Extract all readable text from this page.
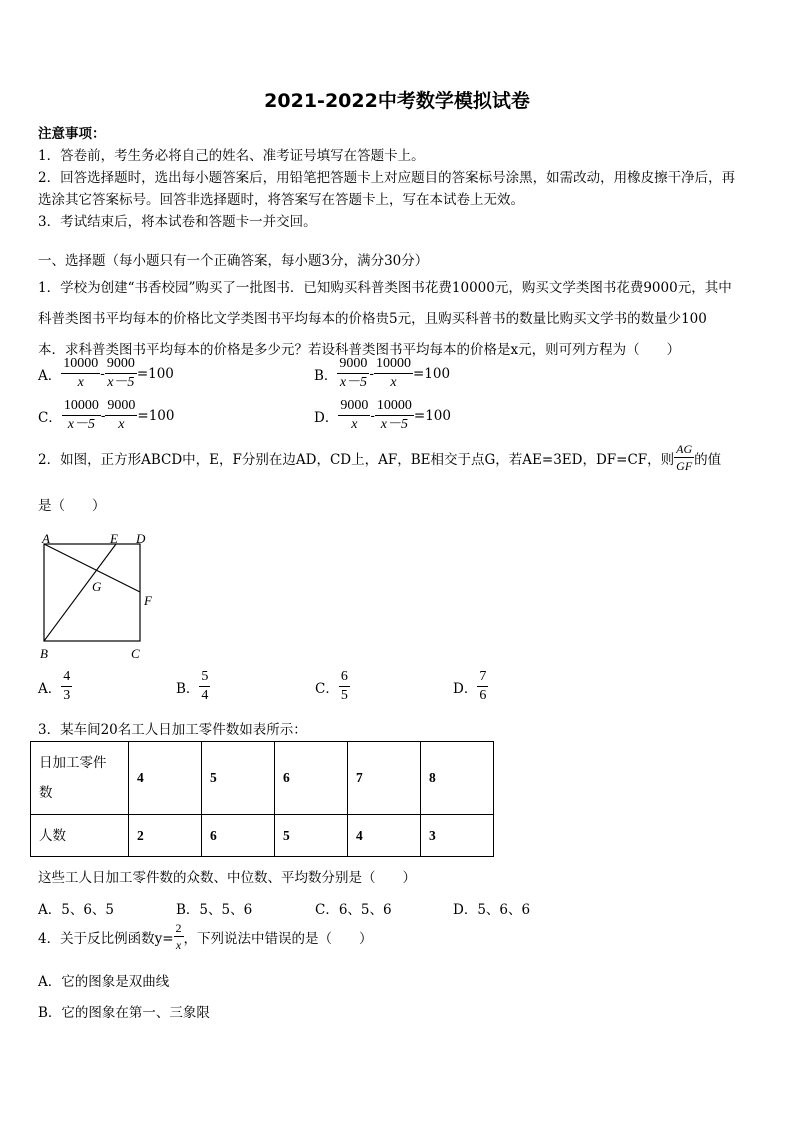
2021-2022中考数学模拟试卷
注意事项：
1．答卷前，考生务必将自己的姓名、准考证号填写在答题卡上。
2．回答选择题时，选出每小题答案后，用铅笔把答题卡上对应题目的答案标号涂黑，如需改动，用橡皮擦干净后，再
选涂其它答案标号。回答非选择题时，将答案写在答题卡上，写在本试卷上无效。
3．考试结束后，将本试卷和答题卡一并交回。
一、选择题（每小题只有一个正确答案，每小题3分，满分30分）
1．学校为创建“书香校园”购买了一批图书．已知购买科普类图书花费10000元，购买文学类图书花费9000元，其中
科普类图书平均每本的价格比文学类图书平均每本的价格贵5元，且购买科普书的数量比购买文学书的数量少100
本．求科普类图书平均每本的价格是多少元？若设科普类图书平均每本的价格是x元，则可列方程为（　　）
A． $\frac{10000}{x} - \frac{9000}{x-5} =100$	B． $\frac{9000}{x-5} - \frac{10000}{x} =100$
C． $\frac{10000}{x-5} - \frac{9000}{x} =100$	D． $\frac{9000}{x} - \frac{10000}{x-5} =100$
2．如图，正方形ABCD中，E，F分别在边AD，CD上，AF，BE相交于点G，若AE=3ED，DF=CF，则 $\frac{AG}{GF}$ 的值
是（　　）
A	E D
G
F
B	C
A． $\frac{4}{3}$	B． $\frac{5}{4}$	C． $\frac{6}{5}$	D． $\frac{7}{6}$
3．某车间20名工人日加工零件数如表所示：
日加工零件
数	4	5	6	7	8
人数	2	6	5	4	3
这些工人日加工零件数的众数、中位数、平均数分别是（　　）
A．5、6、5	B．5、5、6	C．6、5、6	D．5、6、6
4．关于反比例函数$y= \frac{2}{x}$ ，下列说法中错误的是（　　）
A．它的图象是双曲线
B．它的图象在第一、三象限
